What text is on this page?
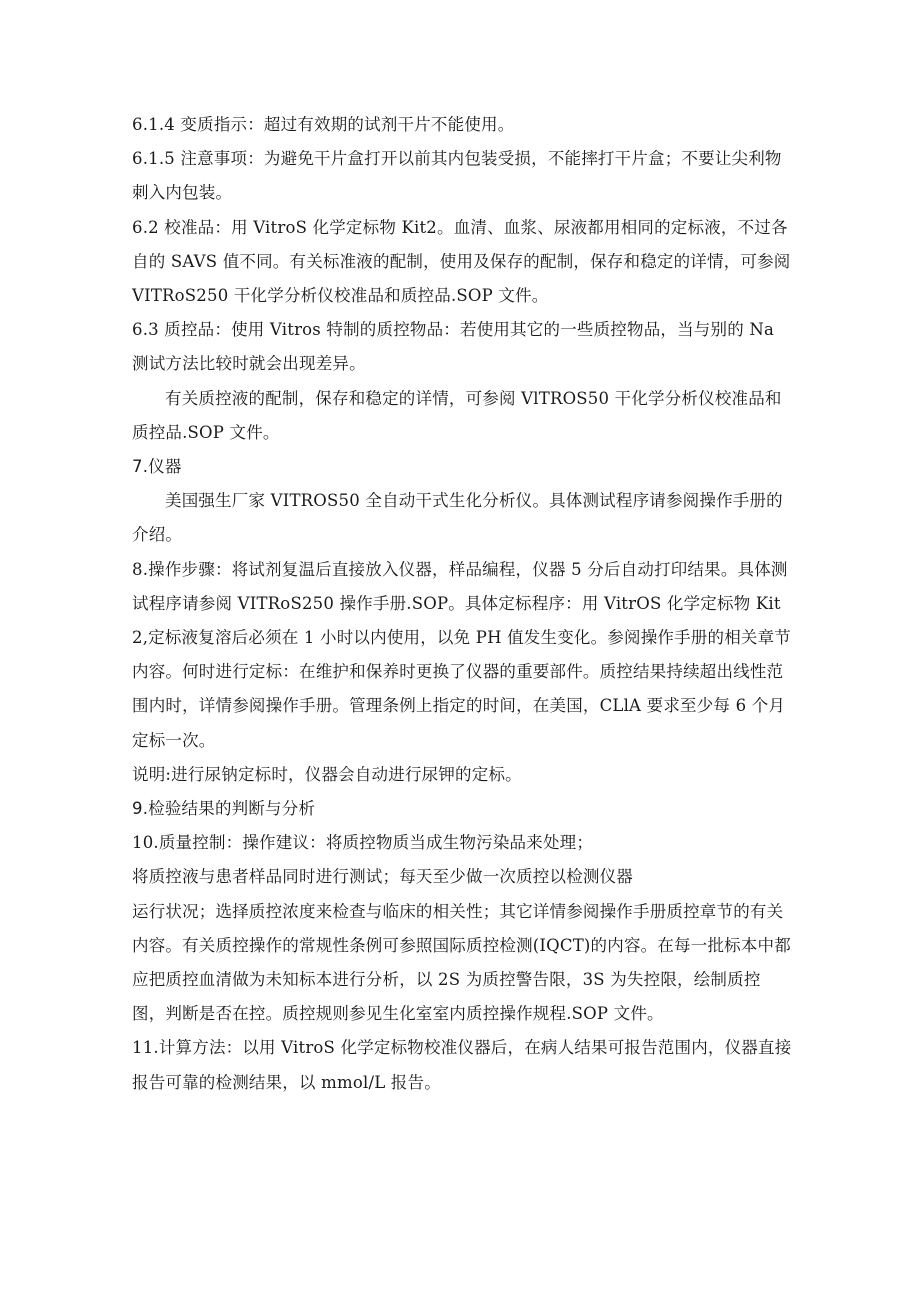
6.1.4 变质指示：超过有效期的试剂干片不能使用。

6.1.5 注意事项：为避免干片盒打开以前其内包装受损，不能摔打干片盒；不要让尖利物刺入内包装。

6.2 校准品：用 VitroS 化学定标物 Kit2。血清、血浆、尿液都用相同的定标液，不过各自的 SAVS 值不同。有关标准液的配制，使用及保存的配制，保存和稳定的详情，可参阅 VITRoS250 干化学分析仪校准品和质控品.SOP 文件。

6.3 质控品：使用 Vitros 特制的质控物品：若使用其它的一些质控物品，当与别的 Na 测试方法比较时就会出现差异。

有关质控液的配制，保存和稳定的详情，可参阅 VlTROS50 干化学分析仪校准品和质控品.SOP 文件。

7.仪器

美国强生厂家 VITROS50 全自动干式生化分析仪。具体测试程序请参阅操作手册的介绍。

8.操作步骤：将试剂复温后直接放入仪器，样品编程，仪器 5 分后自动打印结果。具体测试程序请参阅 VITRoS250 操作手册.SOP。具体定标程序：用 VitrOS 化学定标物 Kit2,定标液复溶后必须在 1 小时以内使用，以免 PH 值发生变化。参阅操作手册的相关章节内容。何时进行定标：在维护和保养时更换了仪器的重要部件。质控结果持续超出线性范围内时，详情参阅操作手册。管理条例上指定的时间，在美国，CLlA 要求至少每 6 个月定标一次。

说明:进行尿钠定标时，仪器会自动进行尿钾的定标。

9.检验结果的判断与分析

10.质量控制：操作建议：将质控物质当成生物污染品来处理；

将质控液与患者样品同时进行测试；每天至少做一次质控以检测仪器

运行状况；选择质控浓度来检查与临床的相关性；其它详情参阅操作手册质控章节的有关内容。有关质控操作的常规性条例可参照国际质控检测(IQCT)的内容。在每一批标本中都应把质控血清做为未知标本进行分析，以 2S 为质控警告限，3S 为失控限，绘制质控图，判断是否在控。质控规则参见生化室室内质控操作规程.SOP 文件。

11.计算方法：以用 VitroS 化学定标物校准仪器后，在病人结果可报告范围内，仪器直接报告可靠的检测结果，以 mmol/L 报告。
